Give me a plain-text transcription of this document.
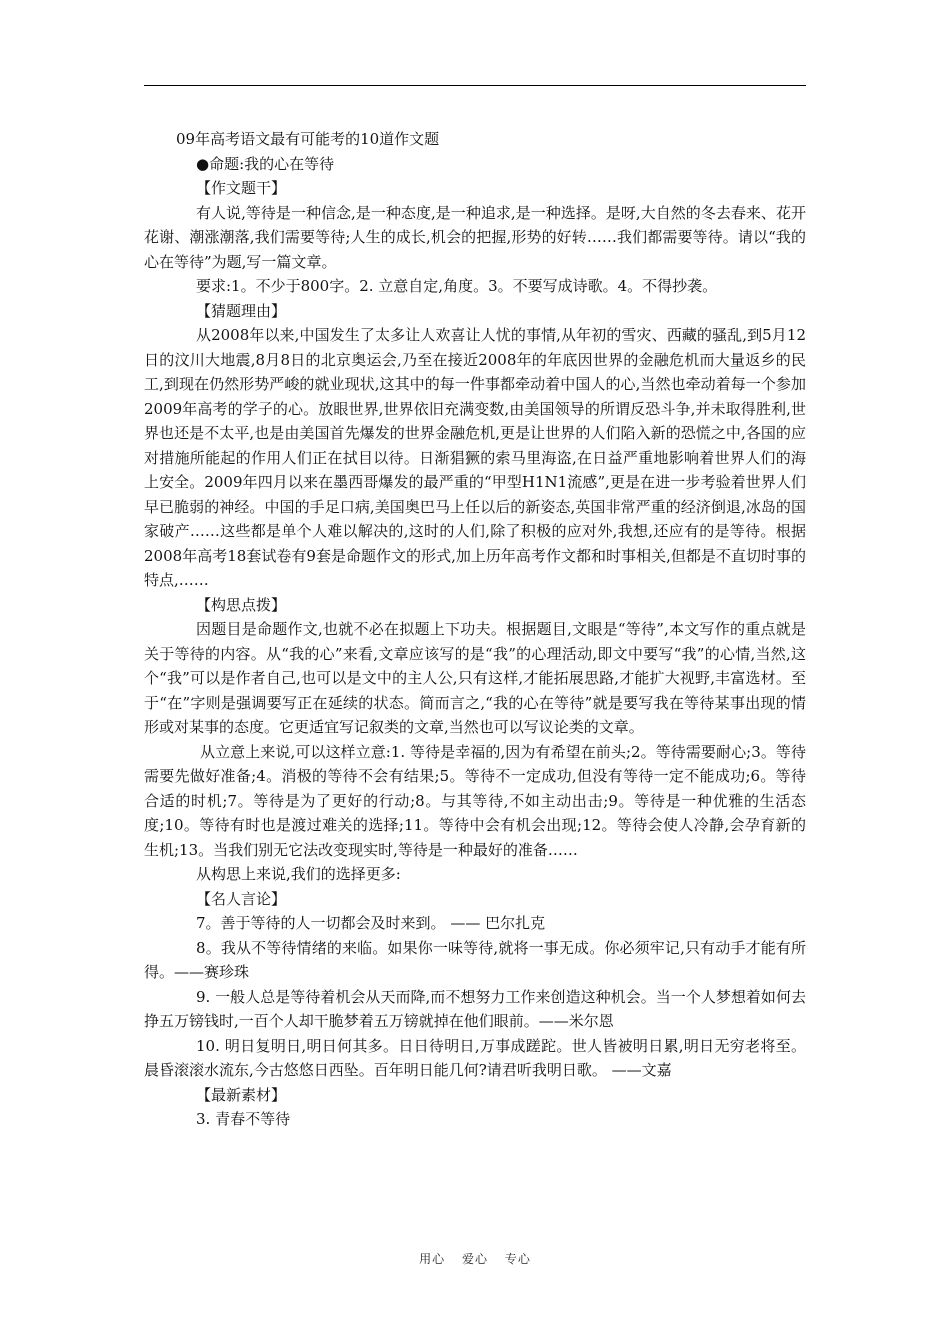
09年高考语文最有可能考的10道作文题

●命题:我的心在等待

【作文题干】

有人说,等待是一种信念,是一种态度,是一种追求,是一种选择。是呀,大自然的冬去春来、花开花谢、潮涨潮落,我们需要等待;人生的成长,机会的把握,形势的好转……我们都需要等待。请以“我的心在等待”为题,写一篇文章。

要求:1。不少于800字。2. 立意自定,角度。3。不要写成诗歌。4。不得抄袭。

【猜题理由】

从2008年以来,中国发生了太多让人欢喜让人忧的事情,从年初的雪灾、西藏的骚乱,到5月12日的汶川大地震,8月8日的北京奥运会,乃至在接近2008年的年底因世界的金融危机而大量返乡的民工,到现在仍然形势严峻的就业现状,这其中的每一件事都牵动着中国人的心,当然也牵动着每一个参加2009年高考的学子的心。放眼世界,世界依旧充满变数,由美国领导的所谓反恐斗争,并未取得胜利,世界也还是不太平,也是由美国首先爆发的世界金融危机,更是让世界的人们陷入新的恐慌之中,各国的应对措施所能起的作用人们正在拭目以待。日渐猖獗的索马里海盗,在日益严重地影响着世界人们的海上安全。2009年四月以来在墨西哥爆发的最严重的“甲型H1N1流感”,更是在进一步考验着世界人们早已脆弱的神经。中国的手足口病,美国奥巴马上任以后的新姿态,英国非常严重的经济倒退,冰岛的国家破产……这些都是单个人难以解决的,这时的人们,除了积极的应对外,我想,还应有的是等待。根据2008年高考18套试卷有9套是命题作文的形式,加上历年高考作文都和时事相关,但都是不直切时事的特点,……

【构思点拨】

因题目是命题作文,也就不必在拟题上下功夫。根据题目,文眼是“等待”,本文写作的重点就是关于等待的内容。从“我的心”来看,文章应该写的是“我”的心理活动,即文中要写“我”的心情,当然,这个“我”可以是作者自己,也可以是文中的主人公,只有这样,才能拓展思路,才能扩大视野,丰富选材。至于“在”字则是强调要写正在延续的状态。简而言之,“我的心在等待”就是要写我在等待某事出现的情形或对某事的态度。它更适宜写记叙类的文章,当然也可以写议论类的文章。

从立意上来说,可以这样立意:1. 等待是幸福的,因为有希望在前头;2。等待需要耐心;3。等待需要先做好准备;4。消极的等待不会有结果;5。等待不一定成功,但没有等待一定不能成功;6。等待合适的时机;7。等待是为了更好的行动;8。与其等待,不如主动出击;9。等待是一种优雅的生活态度;10。等待有时也是渡过难关的选择;11。等待中会有机会出现;12。等待会使人冷静,会孕育新的生机;13。当我们别无它法改变现实时,等待是一种最好的准备……

从构思上来说,我们的选择更多:

【名人言论】

7。善于等待的人一切都会及时来到。 —— 巴尔扎克

8。我从不等待情绪的来临。如果你一味等待,就将一事无成。你必须牢记,只有动手才能有所得。——赛珍珠

9. 一般人总是等待着机会从天而降,而不想努力工作来创造这种机会。当一个人梦想着如何去挣五万镑钱时,一百个人却干脆梦着五万镑就掉在他们眼前。——米尔恩

10. 明日复明日,明日何其多。日日待明日,万事成蹉跎。世人皆被明日累,明日无穷老将至。晨昏滚滚水流东,今古悠悠日西坠。百年明日能几何?请君听我明日歌。 ——文嘉

【最新素材】

3. 青春不等待

用心 爱心 专心
